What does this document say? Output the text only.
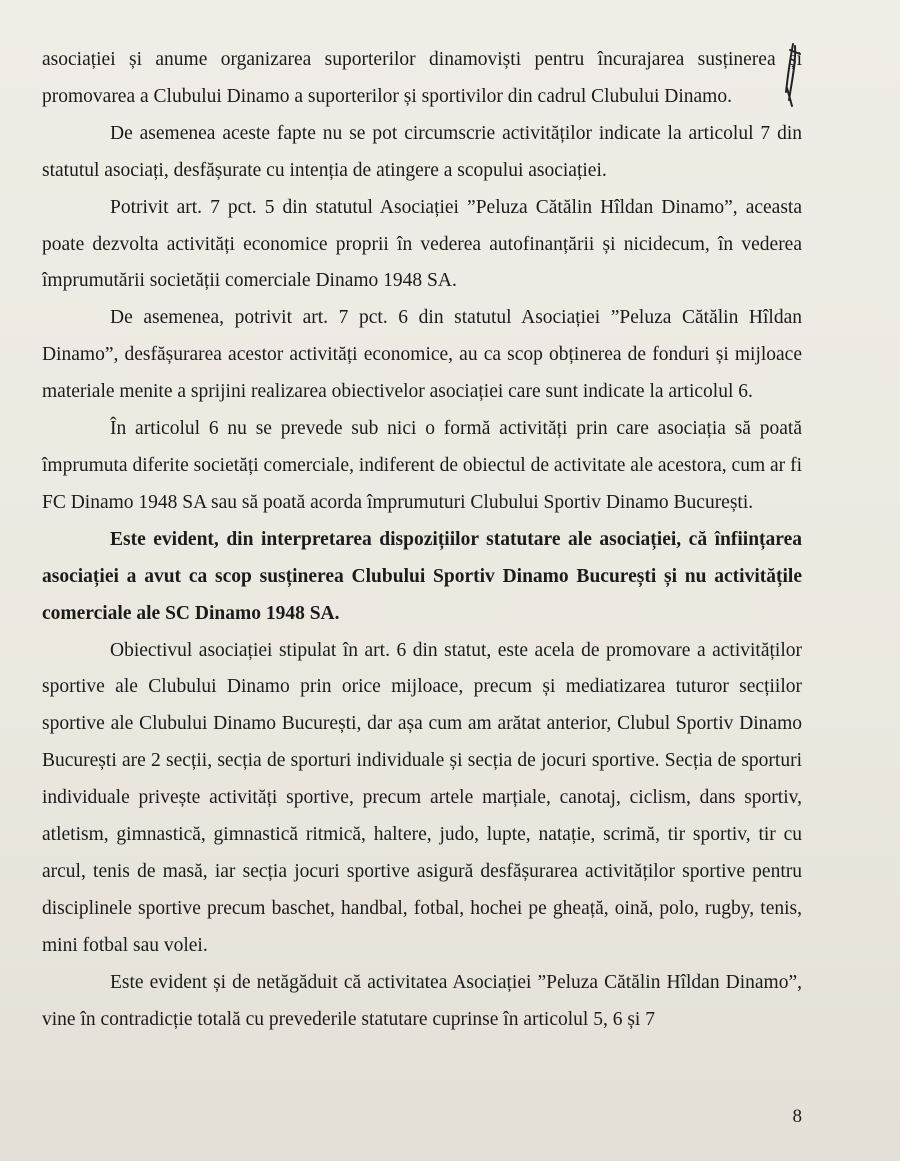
asociației și anume organizarea suporterilor dinamoviști pentru încurajarea susținerea și promovarea a Clubului Dinamo a suporterilor și sportivilor din cadrul Clubului Dinamo.

De asemenea aceste fapte nu se pot circumscrie activităților indicate la articolul 7 din statutul asociați, desfășurate cu intenția de atingere a scopului asociației.

Potrivit art. 7 pct. 5 din statutul Asociației ”Peluza Cătălin Hîldan Dinamo”, aceasta poate dezvolta activități economice proprii în vederea autofinanțării și nicidecum, în vederea împrumutării societății comerciale Dinamo 1948 SA.

De asemenea, potrivit art. 7 pct. 6 din statutul Asociației ”Peluza Cătălin Hîldan Dinamo”, desfășurarea acestor activități economice, au ca scop obținerea de fonduri și mijloace materiale menite a sprijini realizarea obiectivelor asociației care sunt indicate la articolul 6.

În articolul 6 nu se prevede sub nici o formă activități prin care asociația să poată împrumuta diferite societăți comerciale, indiferent de obiectul de activitate ale acestora, cum ar fi FC Dinamo 1948 SA sau să poată acorda împrumuturi Clubului Sportiv Dinamo București.

Este evident, din interpretarea dispozițiilor statutare ale asociației, că înființarea asociației a avut ca scop susținerea Clubului Sportiv Dinamo București și nu activitățile comerciale ale SC Dinamo 1948 SA.

Obiectivul asociației stipulat în art. 6 din statut, este acela de promovare a activităților sportive ale Clubului Dinamo prin orice mijloace, precum și mediatizarea tuturor secțiilor sportive ale Clubului Dinamo București, dar așa cum am arătat anterior, Clubul Sportiv Dinamo București are 2 secții, secția de sporturi individuale și secția de jocuri sportive. Secția de sporturi individuale privește activități sportive, precum artele marțiale, canotaj, ciclism, dans sportiv, atletism, gimnastică, gimnastică ritmică, haltere, judo, lupte, natație, scrimă, tir sportiv, tir cu arcul, tenis de masă, iar secția jocuri sportive asigură desfășurarea activităților sportive pentru disciplinele sportive precum baschet, handbal, fotbal, hochei pe gheață, oină, polo, rugby, tenis, mini fotbal sau volei.

Este evident și de netăgăduit că activitatea Asociației ”Peluza Cătălin Hîldan Dinamo”, vine în contradicție totală cu prevederile statutare cuprinse în articolul 5, 6 și 7

8
